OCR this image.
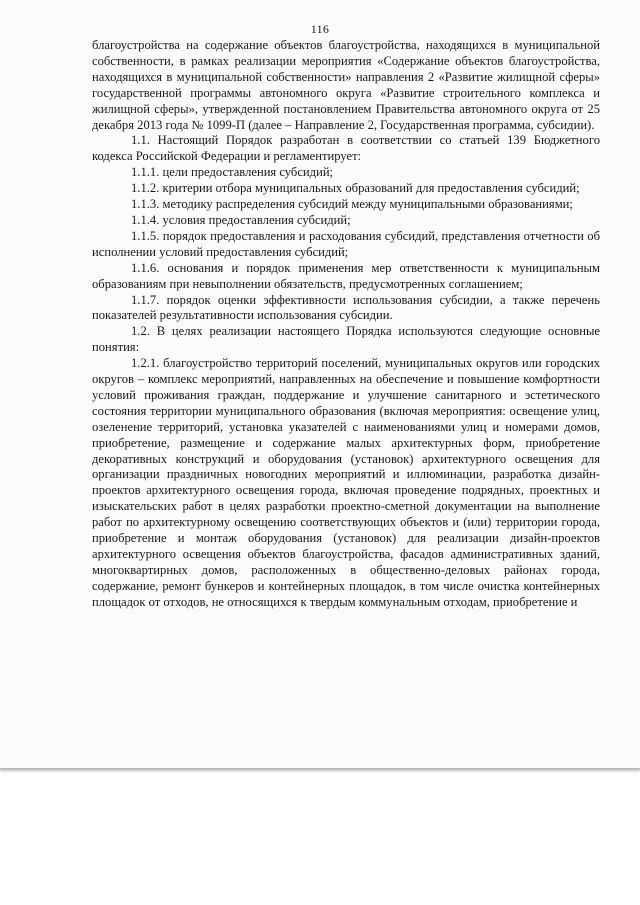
116

благоустройства на содержание объектов благоустройства, находящихся в муниципальной собственности, в рамках реализации мероприятия «Содержание объектов благоустройства, находящихся в муниципальной собственности» направления 2 «Развитие жилищной сферы» государственной программы автономного округа «Развитие строительного комплекса и жилищной сферы», утвержденной постановлением Правительства автономного округа от 25 декабря 2013 года № 1099-П (далее – Направление 2, Государственная программа, субсидии).

1.1. Настоящий Порядок разработан в соответствии со статьей 139 Бюджетного кодекса Российской Федерации и регламентирует:

1.1.1. цели предоставления субсидий;

1.1.2. критерии отбора муниципальных образований для предоставления субсидий;

1.1.3. методику распределения субсидий между муниципальными образованиями;

1.1.4. условия предоставления субсидий;

1.1.5. порядок предоставления и расходования субсидий, представления отчетности об исполнении условий предоставления субсидий;

1.1.6. основания и порядок применения мер ответственности к муниципальным образованиям при невыполнении обязательств, предусмотренных соглашением;

1.1.7. порядок оценки эффективности использования субсидии, а также перечень показателей результативности использования субсидии.

1.2. В целях реализации настоящего Порядка используются следующие основные понятия:

1.2.1. благоустройство территорий поселений, муниципальных округов или городских округов – комплекс мероприятий, направленных на обеспечение и повышение комфортности условий проживания граждан, поддержание и улучшение санитарного и эстетического состояния территории муниципального образования (включая мероприятия: освещение улиц, озеленение территорий, установка указателей с наименованиями улиц и номерами домов, приобретение, размещение и содержание малых архитектурных форм, приобретение декоративных конструкций и оборудования (установок) архитектурного освещения для организации праздничных новогодних мероприятий и иллюминации, разработка дизайн-проектов архитектурного освещения города, включая проведение подрядных, проектных и изыскательских работ в целях разработки проектно-сметной документации на выполнение работ по архитектурному освещению соответствующих объектов и (или) территории города, приобретение и монтаж оборудования (установок) для реализации дизайн-проектов архитектурного освещения объектов благоустройства, фасадов административных зданий, многоквартирных домов, расположенных в общественно-деловых районах города, содержание, ремонт бункеров и контейнерных площадок, в том числе очистка контейнерных площадок от отходов, не относящихся к твердым коммунальным отходам, приобретение и
